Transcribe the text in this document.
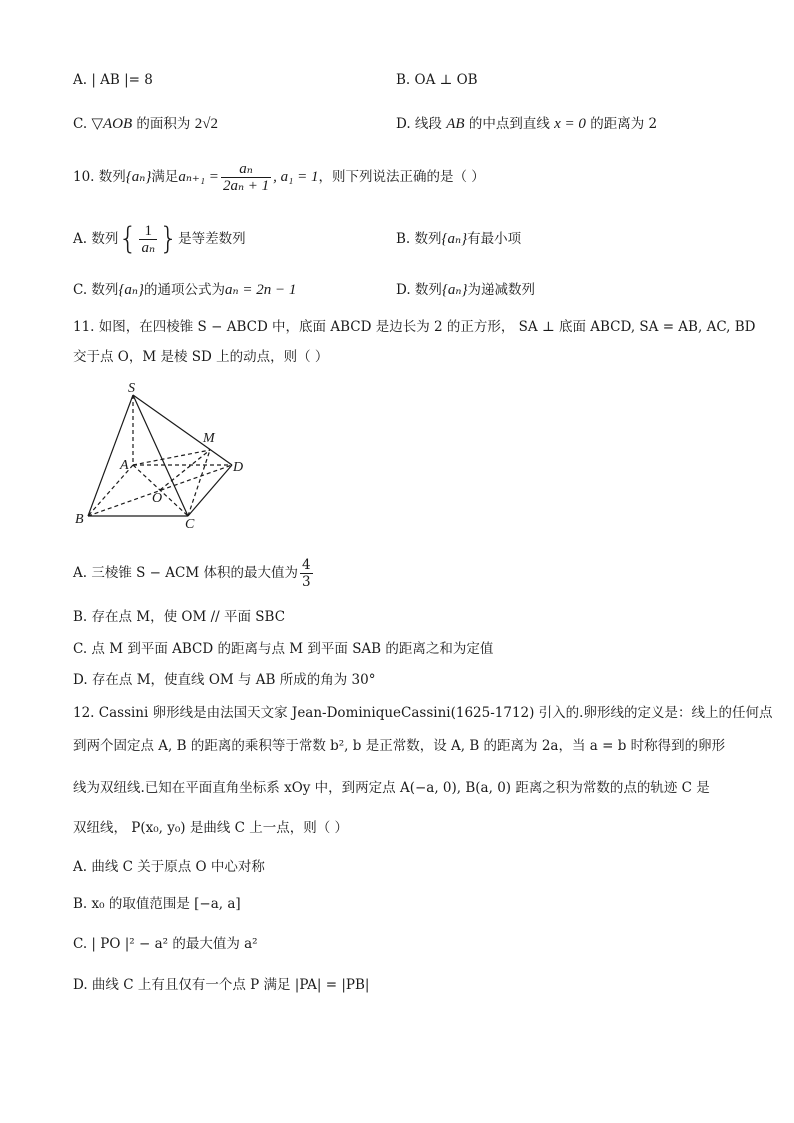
A. | AB |= 8	B. OA ⊥ OB
C. ▽AOB 的面积为 2√2	D. 线段 AB 的中点到直线 x = 0 的距离为 2
10. 数列{aₙ}满足$a_{n+1} = \frac{\text{aₙ}}{\text{2aₙ + 1}}$ , a₁ = 1，则下列说法正确的是（ ）
A. 数列{ $\frac{1}{\text{aₙ}}$ }是等差数列	B. 数列{aₙ}有最小项
C. 数列{aₙ}的通项公式为aₙ = 2n − 1	D. 数列{aₙ}为递减数列
11. 如图，在四棱锥 S − ABCD 中，底面 ABCD 是边长为 2 的正方形， SA ⊥ 底面 ABCD, SA = AB, AC, BD
交于点 O，M 是棱 SD 上的动点，则（ ）
S
M
A	D
O
B	C
A. 三棱锥 S − ACM 体积的最大值为 $\frac{4}{3}$
B. 存在点 M，使 OM // 平面 SBC
C. 点 M 到平面 ABCD 的距离与点 M 到平面 SAB 的距离之和为定值
D. 存在点 M，使直线 OM 与 AB 所成的角为 30°
12. Cassini 卵形线是由法国天文家 Jean-DominiqueCassini(1625-1712) 引入的.卵形线的定义是：线上的任何点
到两个固定点 A, B 的距离的乘积等于常数 b², b 是正常数，设 A, B 的距离为 2a，当 a = b 时称得到的卵形
线为双纽线.已知在平面直角坐标系 xOy 中，到两定点 A(−a, 0), B(a, 0) 距离之积为常数的点的轨迹 C 是
双纽线， P(x₀, y₀) 是曲线 C 上一点，则（ ）
A. 曲线 C 关于原点 O 中心对称
B. x₀ 的取值范围是 [−a, a]
C. | PO |² − a² 的最大值为 a²
D. 曲线 C 上有且仅有一个点 P 满足 |PA| = |PB|
